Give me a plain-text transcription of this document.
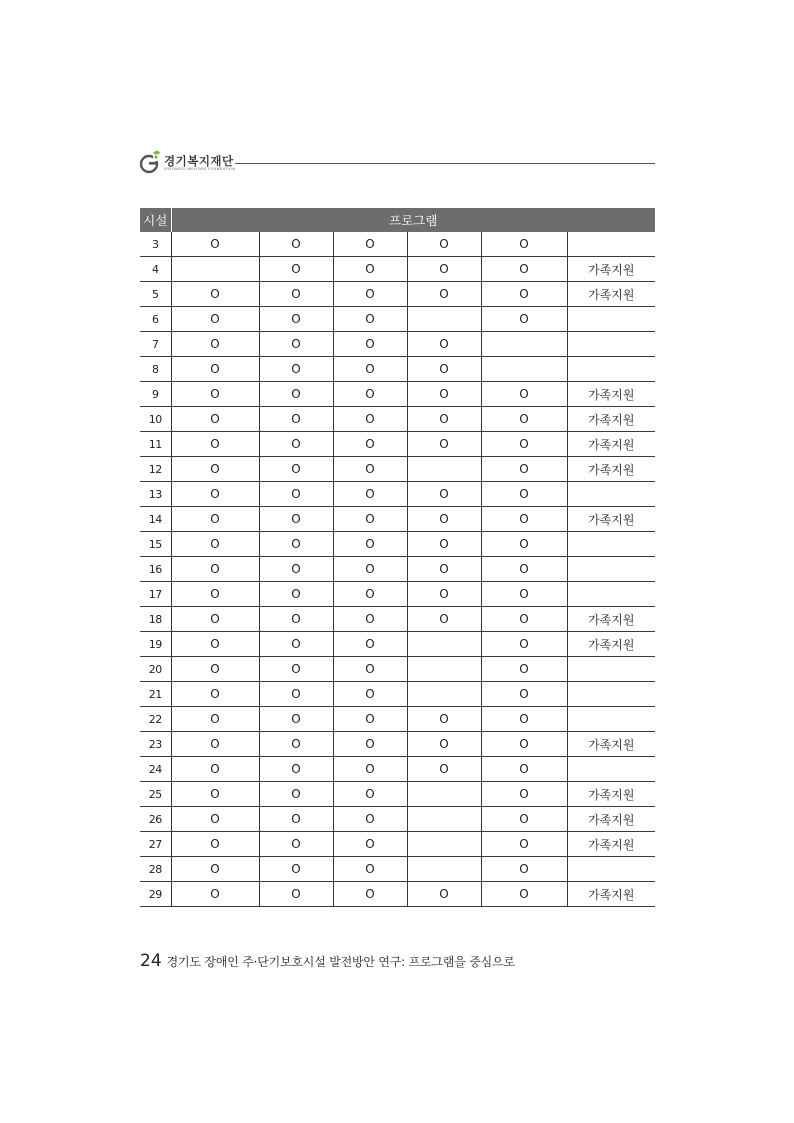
경기복지재단
GYEONGGI WELFARE FOUNDATION
시설	프로그램					
3	O	O	O	O	O	
4		O	O	O	O	가족지원
5	O	O	O	O	O	가족지원
6	O	O	O		O	
7	O	O	O	O		
8	O	O	O	O		
9	O	O	O	O	O	가족지원
10	O	O	O	O	O	가족지원
11	O	O	O	O	O	가족지원
12	O	O	O		O	가족지원
13	O	O	O	O	O	
14	O	O	O	O	O	가족지원
15	O	O	O	O	O	
16	O	O	O	O	O	
17	O	O	O	O	O	
18	O	O	O	O	O	가족지원
19	O	O	O		O	가족지원
20	O	O	O		O	
21	O	O	O		O	
22	O	O	O	O	O	
23	O	O	O	O	O	가족지원
24	O	O	O	O	O	
25	O	O	O		O	가족지원
26	O	O	O		O	가족지원
27	O	O	O		O	가족지원
28	O	O	O		O	
29	O	O	O	O	O	가족지원
24 경기도 장애인 주·단기보호시설 발전방안 연구: 프로그램을 중심으로
